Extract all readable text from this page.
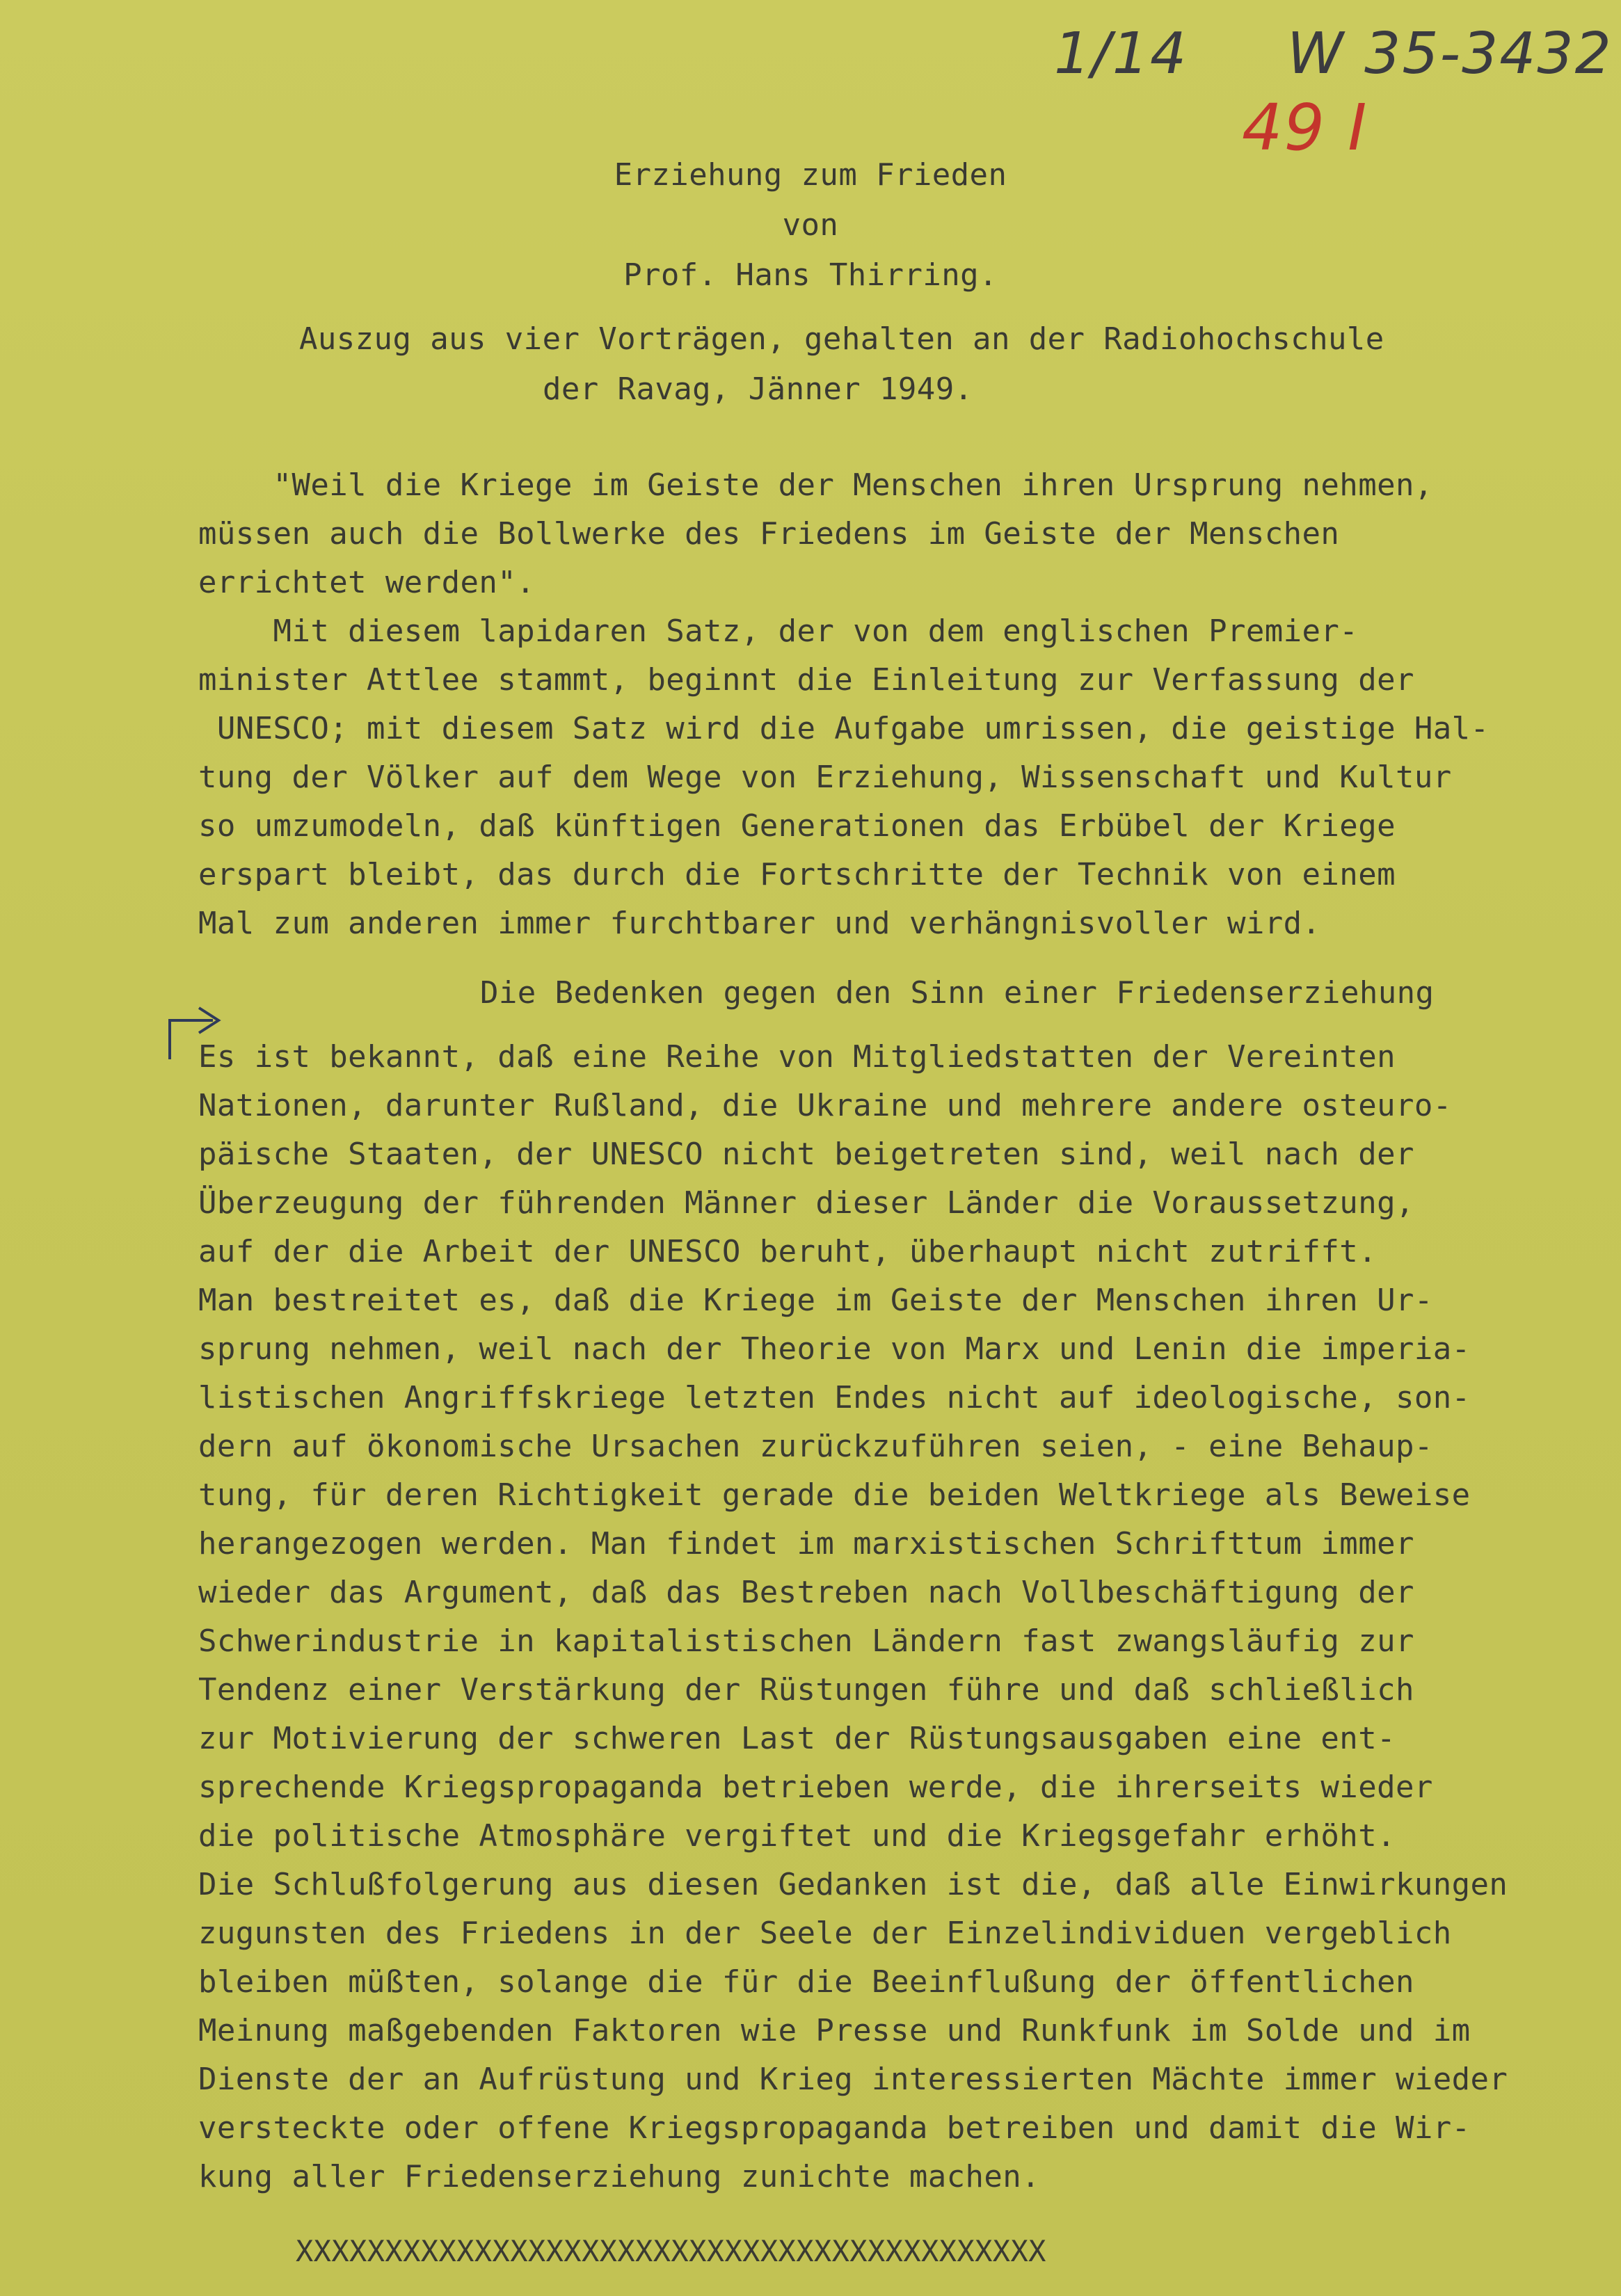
1/14 W 35-3432
49 I
Erziehung zum Frieden
von
Prof. Hans Thirring.
Auszug aus vier Vorträgen, gehalten an der Radiohochschule
der Ravag, Jänner 1949.
"Weil die Kriege im Geiste der Menschen ihren Ursprung nehmen,
müssen auch die Bollwerke des Friedens im Geiste der Menschen
errichtet werden".
Mit diesem lapidaren Satz, der von dem englischen Premier-
minister Attlee stammt, beginnt die Einleitung zur Verfassung der
UNESCO; mit diesem Satz wird die Aufgabe umrissen, die geistige Hal-
tung der Völker auf dem Wege von Erziehung, Wissenschaft und Kultur
so umzumodeln, daß künftigen Generationen das Erbübel der Kriege
erspart bleibt, das durch die Fortschritte der Technik von einem
Mal zum anderen immer furchtbarer und verhängnisvoller wird.
Die Bedenken gegen den Sinn einer Friedenserziehung
Es ist bekannt, daß eine Reihe von Mitgliedstatten der Vereinten
Nationen, darunter Rußland, die Ukraine und mehrere andere osteuro-
päische Staaten, der UNESCO nicht beigetreten sind, weil nach der
Überzeugung der führenden Männer dieser Länder die Voraussetzung,
auf der die Arbeit der UNESCO beruht, überhaupt nicht zutrifft.
Man bestreitet es, daß die Kriege im Geiste der Menschen ihren Ur-
sprung nehmen, weil nach der Theorie von Marx und Lenin die imperia-
listischen Angriffskriege letzten Endes nicht auf ideologische, son-
dern auf ökonomische Ursachen zurückzuführen seien, - eine Behaup-
tung, für deren Richtigkeit gerade die beiden Weltkriege als Beweise
herangezogen werden. Man findet im marxistischen Schrifttum immer
wieder das Argument, daß das Bestreben nach Vollbeschäftigung der
Schwerindustrie in kapitalistischen Ländern fast zwangsläufig zur
Tendenz einer Verstärkung der Rüstungen führe und daß schließlich
zur Motivierung der schweren Last der Rüstungsausgaben eine ent-
sprechende Kriegspropaganda betrieben werde, die ihrerseits wieder
die politische Atmosphäre vergiftet und die Kriegsgefahr erhöht.
Die Schlußfolgerung aus diesen Gedanken ist die, daß alle Einwirkungen
zugunsten des Friedens in der Seele der Einzelindividuen vergeblich
bleiben müßten, solange die für die Beeinflußung der öffentlichen
Meinung maßgebenden Faktoren wie Presse und Runkfunk im Solde und im
Dienste der an Aufrüstung und Krieg interessierten Mächte immer wieder
versteckte oder offene Kriegspropaganda betreiben und damit die Wir-
kung aller Friedenserziehung zunichte machen.
XXXXXXXXXXXXXXXXXXXXXXXXXXXXXXXXXXXXXXXXXX
